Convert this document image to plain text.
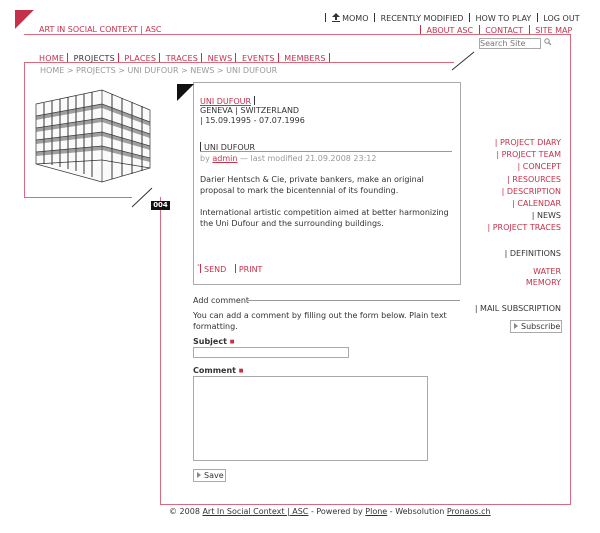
MOMO RECENTLY MODIFIED HOW TO PLAY LOG OUT
ART IN SOCIAL CONTEXT | ASC	ABOUT ASC CONTACT SITE MAP
Search Site
HOME PROJECTS PLACES TRACES NEWS EVENTS MEMBERS
HOME > PROJECTS > UNI DUFOUR > NEWS > UNI DUFOUR
004
UNI DUFOUR
GENEVA | SWITZERLAND
| 15.09.1995 - 07.07.1996
UNI DUFOUR
by admin — last modified 21.09.2008 23:12
Darier Hentsch & Cie, private bankers, make an original proposal to mark the bicentennial of its founding.
International artistic competition aimed at better harmonizing the Uni Dufour and the surrounding buildings.
˚ SEND PRINT
| PROJECT DIARY
| PROJECT TEAM
| CONCEPT
| RESOURCES
| DESCRIPTION
| CALENDAR
| NEWS
| PROJECT TRACES
| DEFINITIONS
WATER
MEMORY
| MAIL SUBSCRIPTION
Subscribe
Add comment
You can add a comment by filling out the form below. Plain text formatting.
Subject ■
Comment ■
Save
© 2008 Art In Social Context | ASC - Powered by Plone - Websolution Pronaos.ch
